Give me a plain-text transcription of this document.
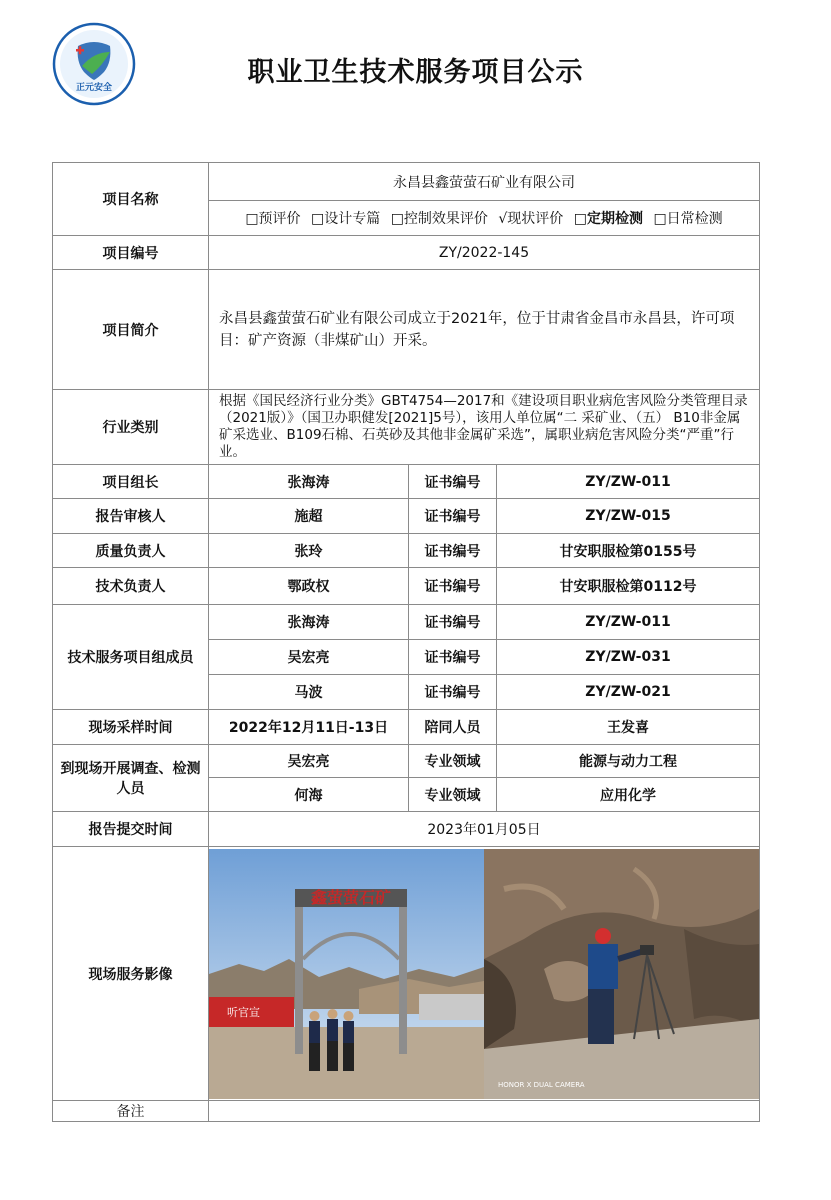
正元安全	职业卫生技术服务项目公示
项目名称	永昌县鑫萤萤石矿业有限公司		
	□预评价 □设计专篇 □控制效果评价 √现状评价 □定期检测 □日常检测		
项目编号	ZY/2022-145		
项目简介	永昌县鑫萤萤石矿业有限公司成立于2021年，位于甘肃省金昌市永昌县，许可项目：矿产资源（非煤矿山）开采。		
行业类别	根据《国民经济行业分类》GBT4754—2017和《建设项目职业病危害风险分类管理目录（2021版）》（国卫办职健发[2021]5号），该用人单位属“二 采矿业、（五） B10非金属矿采选业、B109石棉、石英砂及其他非金属矿采选”，属职业病危害风险分类“严重”行业。		
项目组长	张海涛	证书编号	ZY/ZW-011
报告审核人	施超	证书编号	ZY/ZW-015
质量负责人	张玲	证书编号	甘安职服检第0155号
技术负责人	鄂政权	证书编号	甘安职服检第0112号
技术服务项目组成员	张海涛	证书编号	ZY/ZW-011
	吴宏亮	证书编号	ZY/ZW-031
	马波	证书编号	ZY/ZW-021
现场采样时间	2022年12月11日-13日	陪同人员	王发喜
到现场开展调查、检测人员	吴宏亮	专业领域	能源与动力工程
	何海	专业领域	应用化学
报告提交时间	2023年01月05日		
现场服务影像	鑫萤萤石矿
听官宣
HONOR X DUAL CAMERA		

备注			
